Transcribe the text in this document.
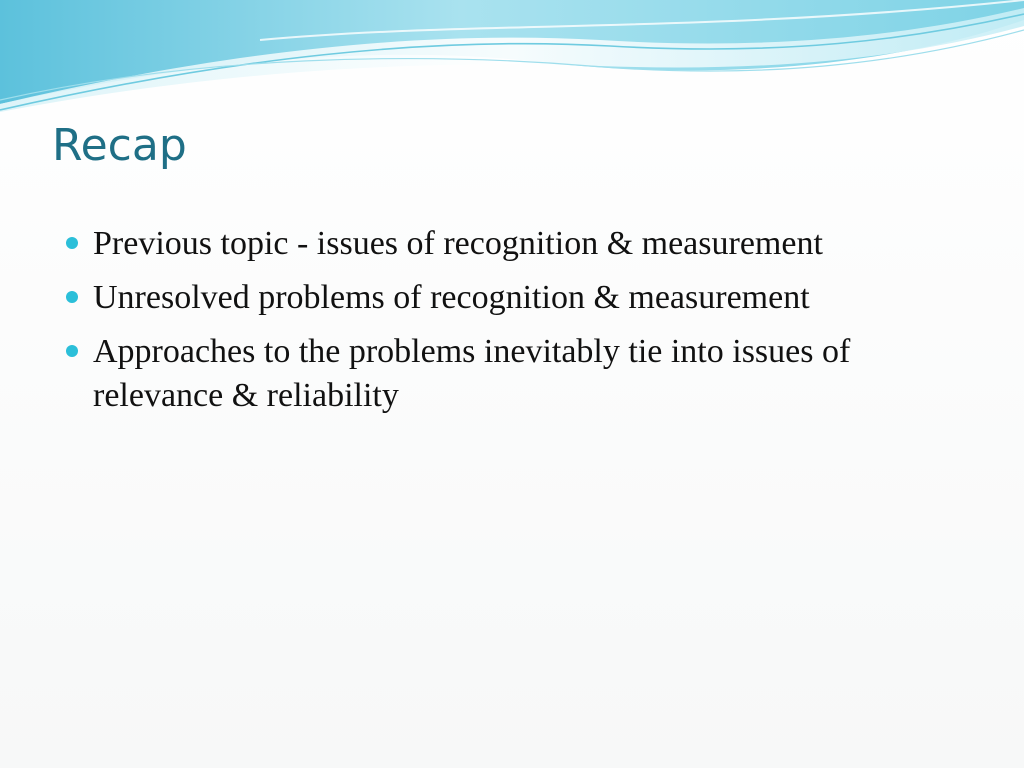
Recap
Previous topic - issues of recognition & measurement
Unresolved problems of recognition & measurement
Approaches to the problems inevitably tie into issues of relevance & reliability
